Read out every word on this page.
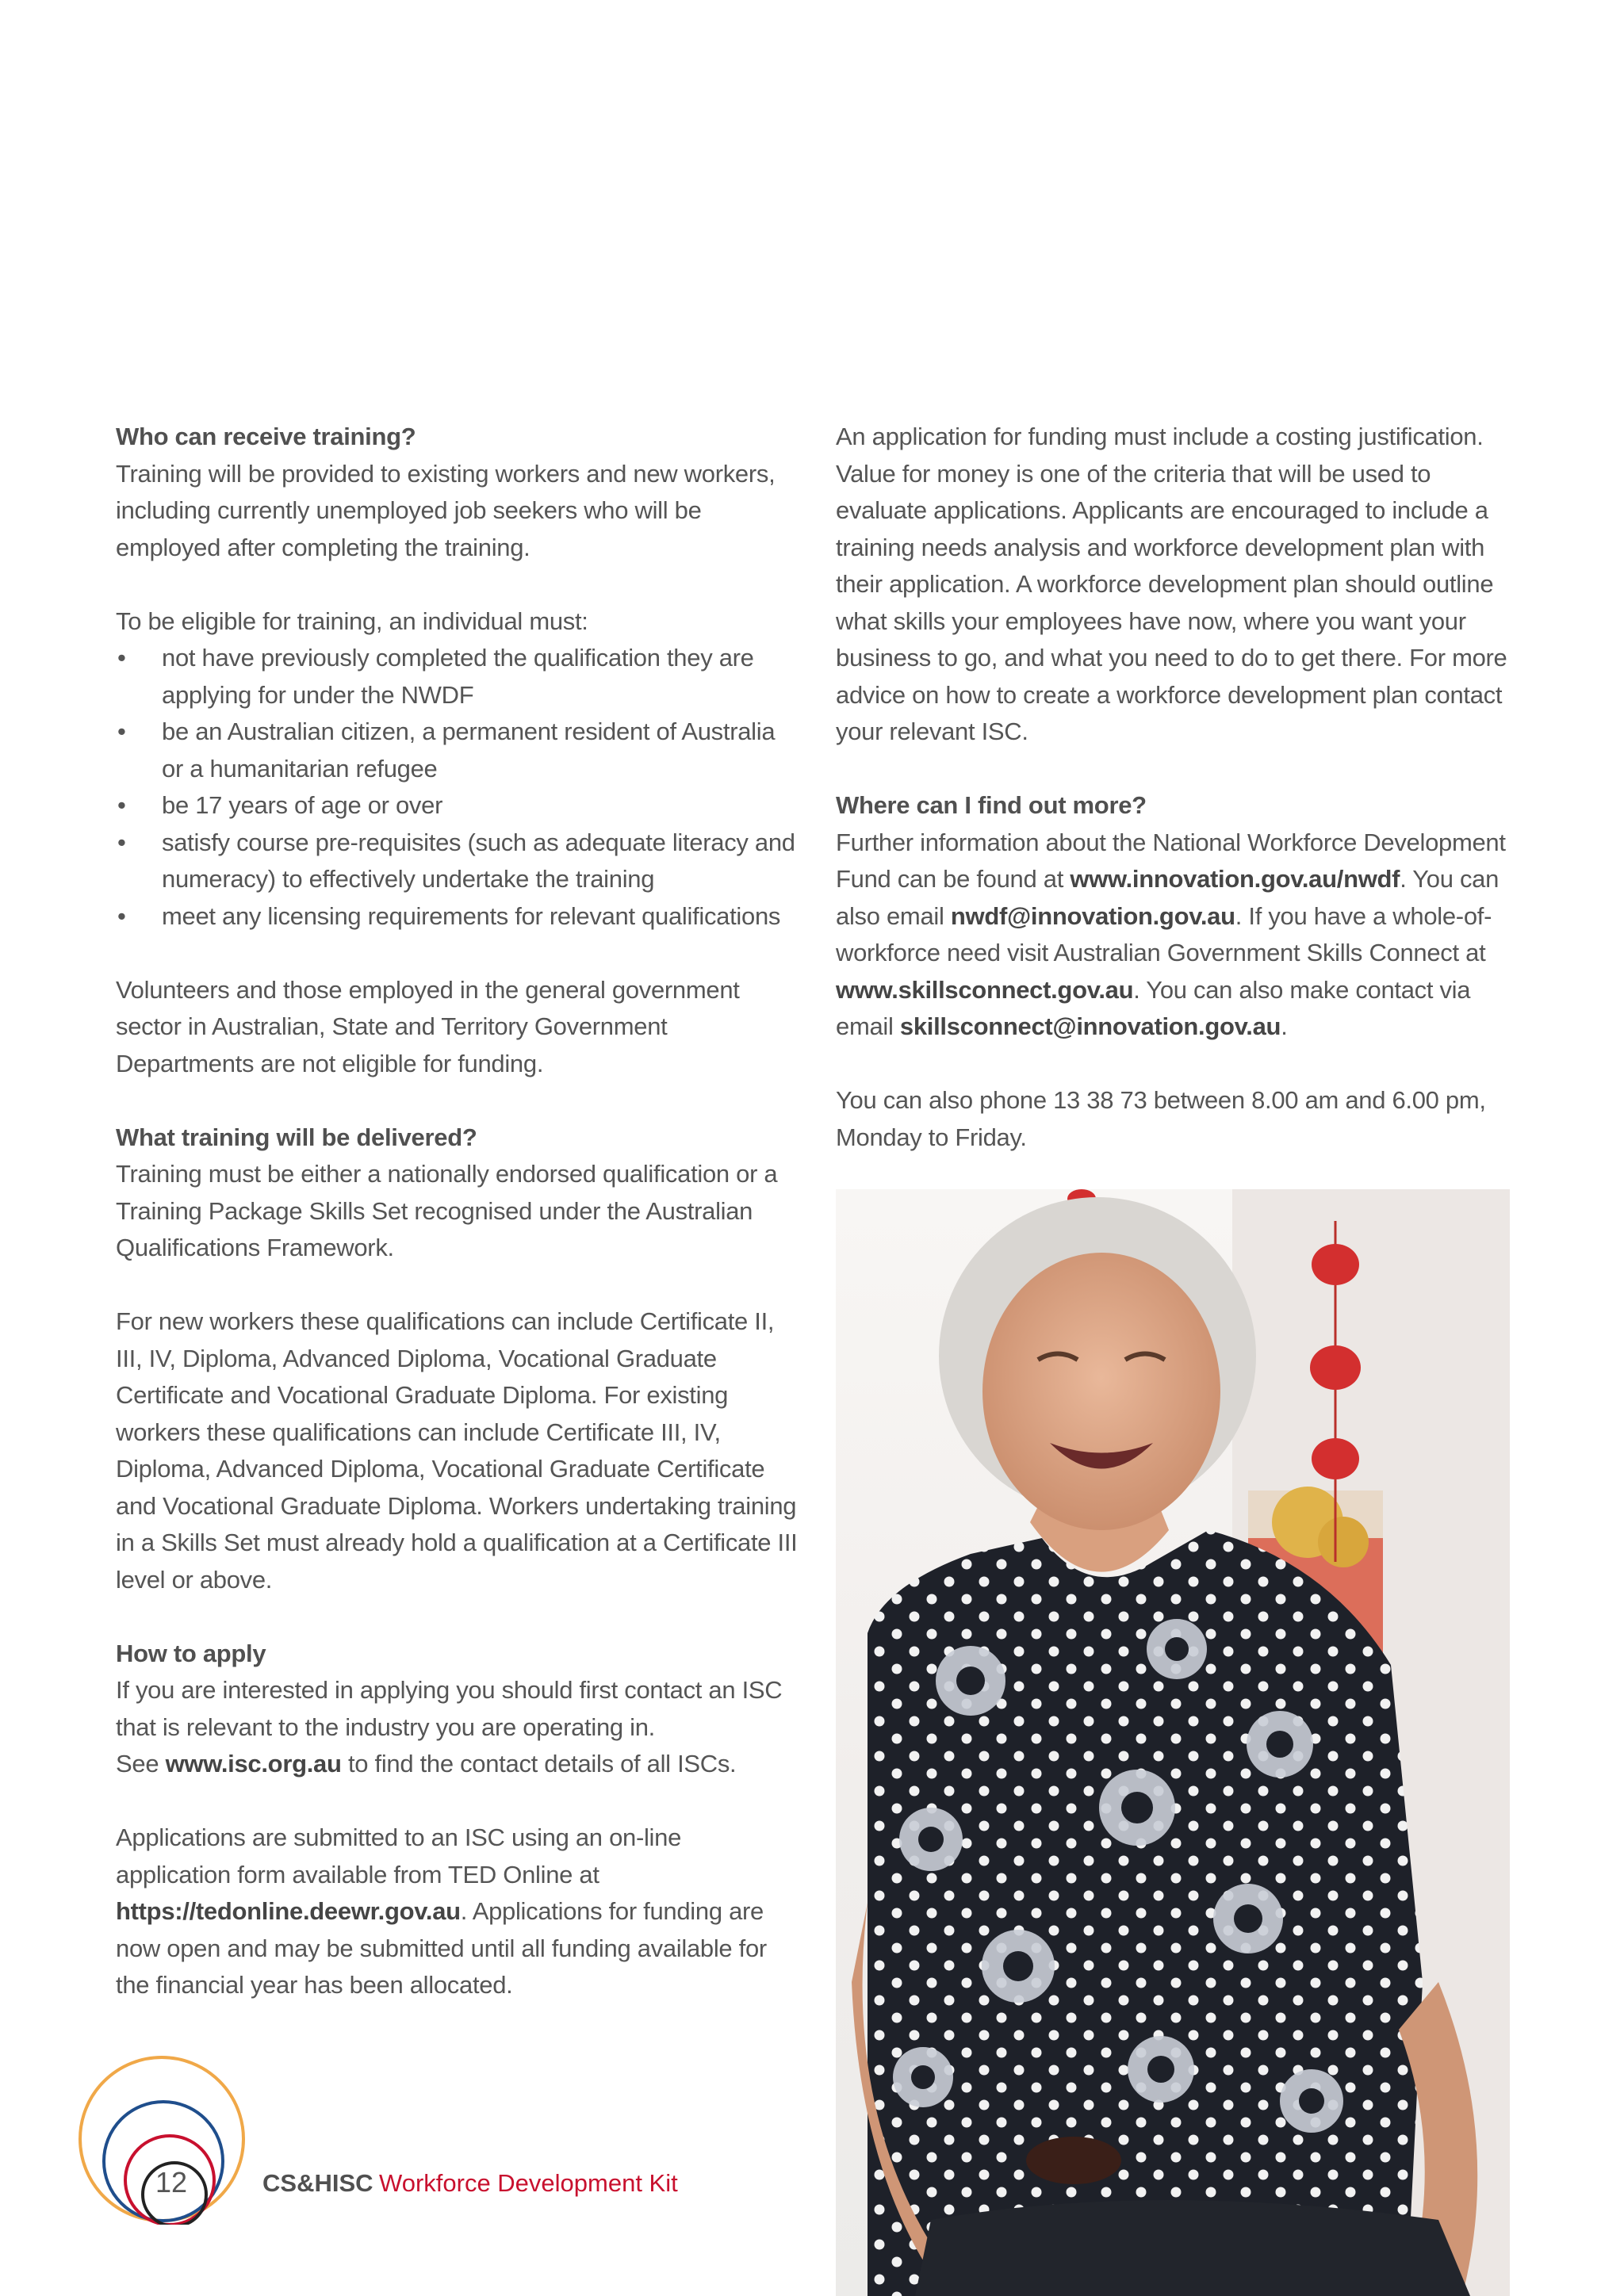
Who can receive training?

Training will be provided to existing workers and new workers, including currently unemployed job seekers who will be employed after completing the training.

To be eligible for training, an individual must:

• not have previously completed the qualification they are applying for under the NWDF
• be an Australian citizen, a permanent resident of Australia or a humanitarian refugee
• be 17 years of age or over
• satisfy course pre-requisites (such as adequate literacy and numeracy) to effectively undertake the training
• meet any licensing requirements for relevant qualifications

Volunteers and those employed in the general government sector in Australian, State and Territory Government Departments are not eligible for funding.

What training will be delivered?

Training must be either a nationally endorsed qualification or a Training Package Skills Set recognised under the Australian Qualifications Framework.

For new workers these qualifications can include Certificate II, III, IV, Diploma, Advanced Diploma, Vocational Graduate Certificate and Vocational Graduate Diploma. For existing workers these qualifications can include Certificate III, IV, Diploma, Advanced Diploma, Vocational Graduate Certificate and Vocational Graduate Diploma. Workers undertaking training in a Skills Set must already hold a qualification at a Certificate III level or above.

How to apply

If you are interested in applying you should first contact an ISC that is relevant to the industry you are operating in.

See www.isc.org.au to find the contact details of all ISCs.

Applications are submitted to an ISC using an on-line application form available from TED Online at
https://tedonline.deewr.gov.au. Applications for funding are now open and may be submitted until all funding available for the financial year has been allocated.

An application for funding must include a costing justification. Value for money is one of the criteria that will be used to evaluate applications. Applicants are encouraged to include a training needs analysis and workforce development plan with their application. A workforce development plan should outline what skills your employees have now, where you want your business to go, and what you need to do to get there. For more advice on how to create a workforce development plan contact your relevant ISC.

Where can I find out more?

Further information about the National Workforce Development Fund can be found at www.innovation.gov.au/nwdf. You can also email nwdf@innovation.gov.au. If you have a whole-of-workforce need visit Australian Government Skills Connect at www.skillsconnect.gov.au. You can also make contact via email skillsconnect@innovation.gov.au.

You can also phone 13 38 73 between 8.00 am and 6.00 pm, Monday to Friday.

12	CS&HISC Workforce Development Kit
